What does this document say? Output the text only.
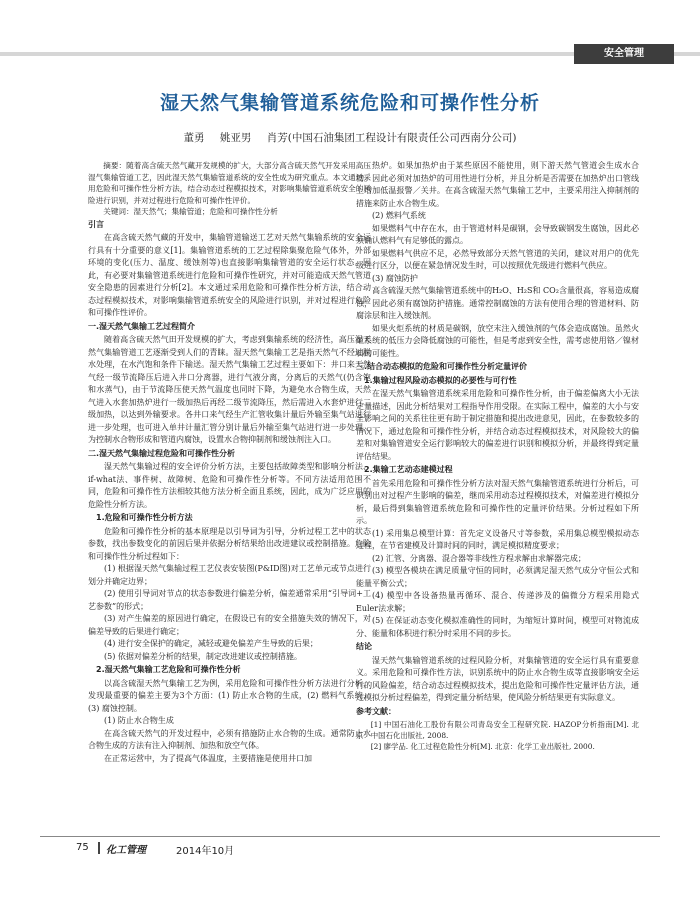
安全管理
湿天然气集输管道系统危险和可操作性分析
董勇 姚亚男 肖芳(中国石油集团工程设计有限责任公司西南分公司)

摘要：随着高含硫天然气藏开发规模的扩大，大部分高含硫天然气开发采用高压湿气集输管道工艺，因此湿天然气集输管道系统的安全性成为研究重点。本文通过采用危险和可操作性分析方法，结合动态过程模拟技术，对影响集输管道系统安全的风险进行识别，并对过程进行危险和可操作性评价。

关键词：湿天然气；集输管道；危险和可操作性分析

引言

在高含硫天然气藏的开发中，集输管道输送工艺对天然气集输系统的安全运行具有十分重要的意义[1]。集输管道系统的工艺过程除集聚危险气体外，外部环境的变化(压力、温度、缓蚀剂等)也直接影响集输管道的安全运行状态。因此，有必要对集输管道系统进行危险和可操作性研究，并对可能造成天然气管道安全隐患的因素进行分析[2]。本文通过采用危险和可操作性分析方法，结合动态过程模拟技术，对影响集输管道系统安全的风险进行识别，并对过程进行危险和可操作性评价。

一.湿天然气集输工艺过程简介

随着高含硫天然气田开发规模的扩大，考虑到集输系统的经济性，高压湿天然气集输管道工艺逐渐受到人们的青睐。湿天然气集输工艺是指天然气不经过脱水处理，在水汽饱和条件下输送。湿天然气集输工艺过程主要如下：井口来天然气经一级节流降压后进入井口分离器，进行气液分离，分离后的天然气(仍含饱和水蒸气)，由于节流降压使天然气温度也同时下降，为避免水合物生成，天然气进入水套加热炉进行一级加热后再经二级节流降压，然后需进入水套炉进行二级加热，以达到外输要求。各井口来气经生产汇管收集计量后外输至集气站进行进一步处理，也可进入单井计量汇管分别计量后外输至集气站进行进一步处理，为控制水合物形成和管道内腐蚀，设置水合物抑制剂和缓蚀剂注入口。

二.湿天然气集输过程危险和可操作性分析

湿天然气集输过程的安全评价分析方法，主要包括故障类型和影响分析法、if-what法、事件树、故障树、危险和可操作性分析等。不同方法适用范围不同，危险和可操作性方法相较其他方法分析全面且系统，因此，成为广泛应用的危险性分析方法。

1.危险和可操作性分析方法

危险和可操作性分析的基本原理是以引导词为引导，分析过程工艺中的状态参数，找出参数变化的前因后果并依据分析结果给出改进建议或控制措施。危险和可操作性分析过程如下：

(1) 根据湿天然气集输过程工艺仪表安装图(P&ID图)对工艺单元或节点进行划分并确定边界；

(2) 使用引导词对节点的状态参数进行偏差分析，偏差通常采用“引导词+工艺参数”的形式；

(3) 对产生偏差的原因进行确定，在假设已有的安全措施失效的情况下，对偏差导致的后果进行确定；

(4) 进行安全保护的确定，减轻或避免偏差产生导致的后果；

(5) 依据对偏差分析的结果，制定改进建议或控制措施。

2.湿天然气集输工艺危险和可操作性分析

以高含硫湿天然气集输工艺为例，采用危险和可操作性分析方法进行分析，发现最重要的偏差主要为3个方面：(1) 防止水合物的生成，(2) 燃料气系统，(3) 腐蚀控制。

(1) 防止水合物生成

在高含硫天然气的开发过程中，必须有措施防止水合物的生成。通常防止水合物生成的方法有注入抑制剂、加热和放空气体。

在正常运营中，为了提高气体温度，主要措施是使用井口加

热炉。如果加热炉由于某些原因不能使用，则下游天然气管道会生成水合物。因此必须对加热炉的可用性进行分析，并且分析是否需要在加热炉出口管线上增加低温报警／关井。在高含硫湿天然气集输工艺中，主要采用注入抑制剂的措施来防止水合物生成。

(2) 燃料气系统

如果燃料气中存在水，由于管道材料是碳钢，会导致碳钢发生腐蚀，因此必须确认燃料气有足够低的露点。

如果燃料气供应不足，必然导致部分天然气管道的关闭，建议对用户的优先级进行区分，以便在紧急情况发生时，可以按照优先级进行燃料气供应。

(3) 腐蚀防护

高含硫湿天然气集输管道系统中的H₂O、H₂S和 CO₂含量很高，容易造成腐蚀，因此必须有腐蚀防护措施。通常控制腐蚀的方法有使用合理的管道材料、防腐涂层和注入缓蚀剂。

如果火炬系统的材质是碳钢，放空末注入缓蚀剂的气体会造成腐蚀。虽然火炬系统的低压力会降低腐蚀的可能性，但是考虑到安全性，需考虑使用铬／镍材料的可能性。

三.结合动态模拟的危险和可操作性分析定量评价
1.集输过程风险动态模拟的必要性与可行性

在湿天然气集输管道系统采用危险和可操作性分析，由于偏差偏离大小无法定量描述，因此分析结果对工程指导作用受限。在实际工程中，偏差的大小与安全影响之间的关系往往更有助于制定措施和提出改进意见，因此，在参数较多的情况下，通过危险和可操作性分析，并结合动态过程模拟技术，对风险较大的偏差和对集输管道安全运行影响较大的偏差进行识别和模拟分析，并最终得到定量评估结果。

2.集输工艺动态建模过程

首先采用危险和可操作性分析方法对湿天然气集输管道系统进行分析后，可识别出对过程产生影响的偏差，继而采用动态过程模拟技术，对偏差进行模拟分析，最后得到集输管道系统危险和可操作性的定量评价结果。分析过程如下所示。

(1) 采用集总模型计算：首先定义设备尺寸等参数，采用集总模型模拟动态过程，在节省建模及计算时间的同时，满足模拟精度要求；

(2) 汇管、分离器、混合器等非线性方程求解由求解器完成；

(3) 模型各模块在满足质量守恒的同时，必须满足湿天然气成分守恒公式和能量平衡公式；

(4) 模型中各设备热量再循环、混合、传递涉及的偏微分方程采用隐式Euler法求解；

(5) 在保证动态变化模拟准确性的同时，为缩短计算时间，模型可对物流成分、能量和体积进行积分时采用不同的步长。

结论

湿天然气集输管道系统的过程风险分析，对集输管道的安全运行具有重要意义。采用危险和可操作性方法，识别系统中的防止水合物生成等直接影响安全运行的风险偏差，结合动态过程模拟技术，提出危险和可操作性定量评估方法，通过模拟分析过程偏差，得到定量分析结果，使风险分析结果更有实际意义。

参考文献：

[1] 中国石油化工股份有限公司青岛安全工程研究院. HAZOP分析指南[M]. 北京：中国石化出版社, 2008.

[2] 廖学品. 化工过程危险性分析[M]. 北京：化学工业出版社, 2000.

75 化工管理	2014年10月
